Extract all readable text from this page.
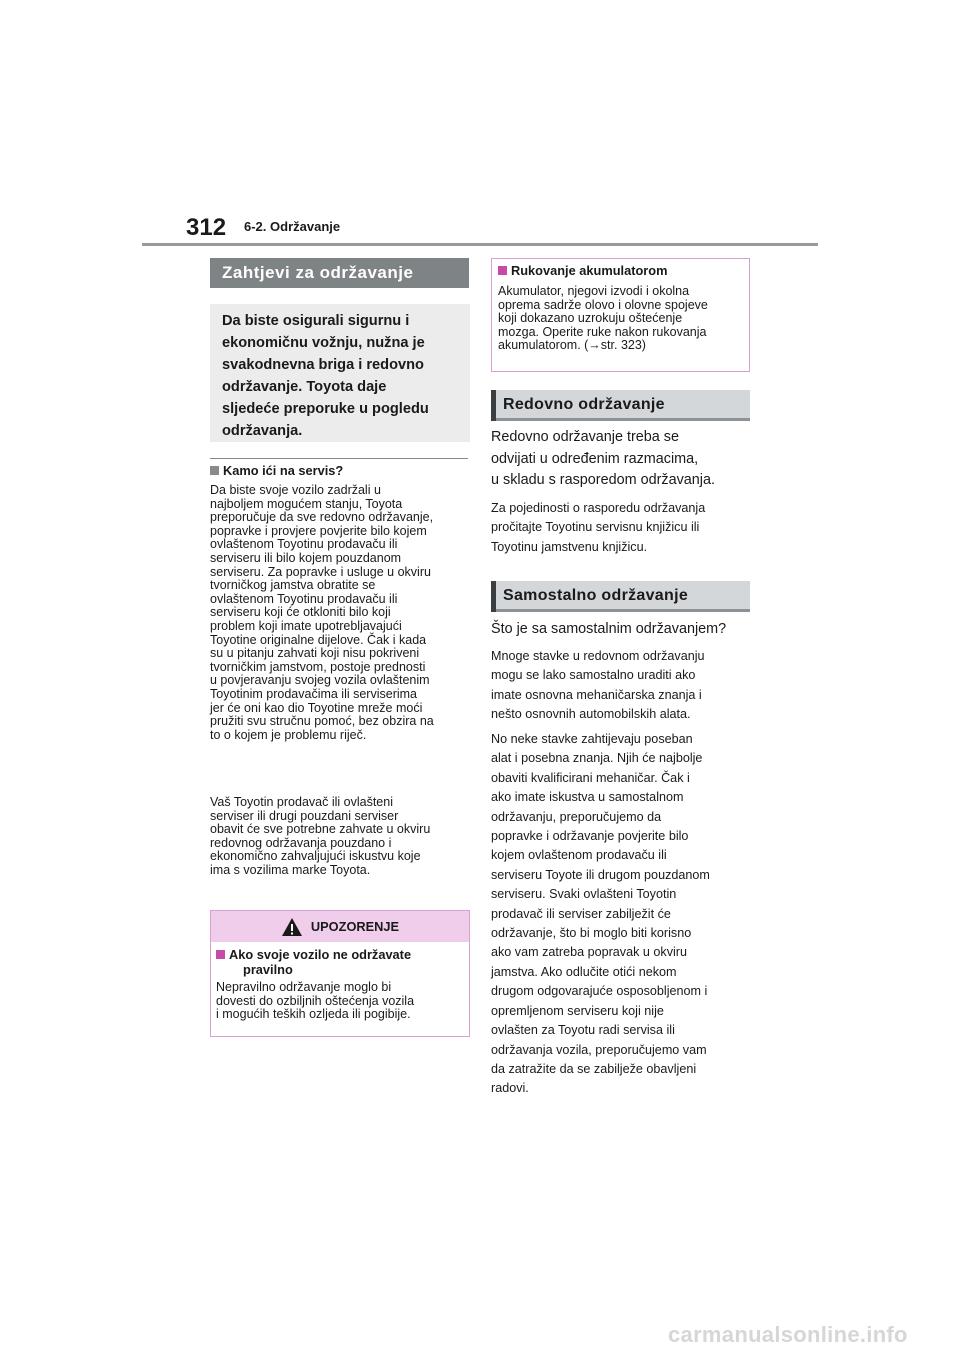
312 6-2. Održavanje
Zahtjevi za održavanje
Da biste osigurali sigurnu i
ekonomičnu vožnju, nužna je
svakodnevna briga i redovno
održavanje. Toyota daje
sljedeće preporuke u pogledu
održavanja.
Kamo ići na servis?
Da biste svoje vozilo zadržali u
najboljem mogućem stanju, Toyota
preporučuje da sve redovno održavanje,
popravke i provjere povjerite bilo kojem
ovlaštenom Toyotinu prodavaču ili
serviseru ili bilo kojem pouzdanom
serviseru. Za popravke i usluge u okviru
tvorničkog jamstva obratite se
ovlaštenom Toyotinu prodavaču ili
serviseru koji će otkloniti bilo koji
problem koji imate upotrebljavajući
Toyotine originalne dijelove. Čak i kada
su u pitanju zahvati koji nisu pokriveni
tvorničkim jamstvom, postoje prednosti
u povjeravanju svojeg vozila ovlaštenim
Toyotinim prodavačima ili serviserima
jer će oni kao dio Toyotine mreže moći
pružiti svu stručnu pomoć, bez obzira na
to o kojem je problemu riječ.
Vaš Toyotin prodavač ili ovlašteni
serviser ili drugi pouzdani serviser
obavit će sve potrebne zahvate u okviru
redovnog održavanja pouzdano i
ekonomično zahvaljujući iskustvu koje
ima s vozilima marke Toyota.
UPOZORENJE
Ako svoje vozilo ne održavate
pravilno
Nepravilno održavanje moglo bi
dovesti do ozbiljnih oštećenja vozila
i mogućih teških ozljeda ili pogibije.
Rukovanje akumulatorom
Akumulator, njegovi izvodi i okolna
oprema sadrže olovo i olovne spojeve
koji dokazano uzrokuju oštećenje
mozga. Operite ruke nakon rukovanja
akumulatorom. (→str. 323)
Redovno održavanje
Redovno održavanje treba se
odvijati u određenim razmacima,
u skladu s rasporedom održavanja.
Za pojedinosti o rasporedu održavanja
pročitajte Toyotinu servisnu knjižicu ili
Toyotinu jamstvenu knjižicu.
Samostalno održavanje
Što je sa samostalnim održavanjem?
Mnoge stavke u redovnom održavanju
mogu se lako samostalno uraditi ako
imate osnovna mehaničarska znanja i
nešto osnovnih automobilskih alata.
No neke stavke zahtijevaju poseban
alat i posebna znanja. Njih će najbolje
obaviti kvalificirani mehaničar. Čak i
ako imate iskustva u samostalnom
održavanju, preporučujemo da
popravke i održavanje povjerite bilo
kojem ovlaštenom prodavaču ili
serviseru Toyote ili drugom pouzdanom
serviseru. Svaki ovlašteni Toyotin
prodavač ili serviser zabilježit će
održavanje, što bi moglo biti korisno
ako vam zatreba popravak u okviru
jamstva. Ako odlučite otići nekom
drugom odgovarajuće osposobljenom i
opremljenom serviseru koji nije
ovlašten za Toyotu radi servisa ili
održavanja vozila, preporučujemo vam
da zatražite da se zabilježe obavljeni
radovi.
carmanualsonline.info
